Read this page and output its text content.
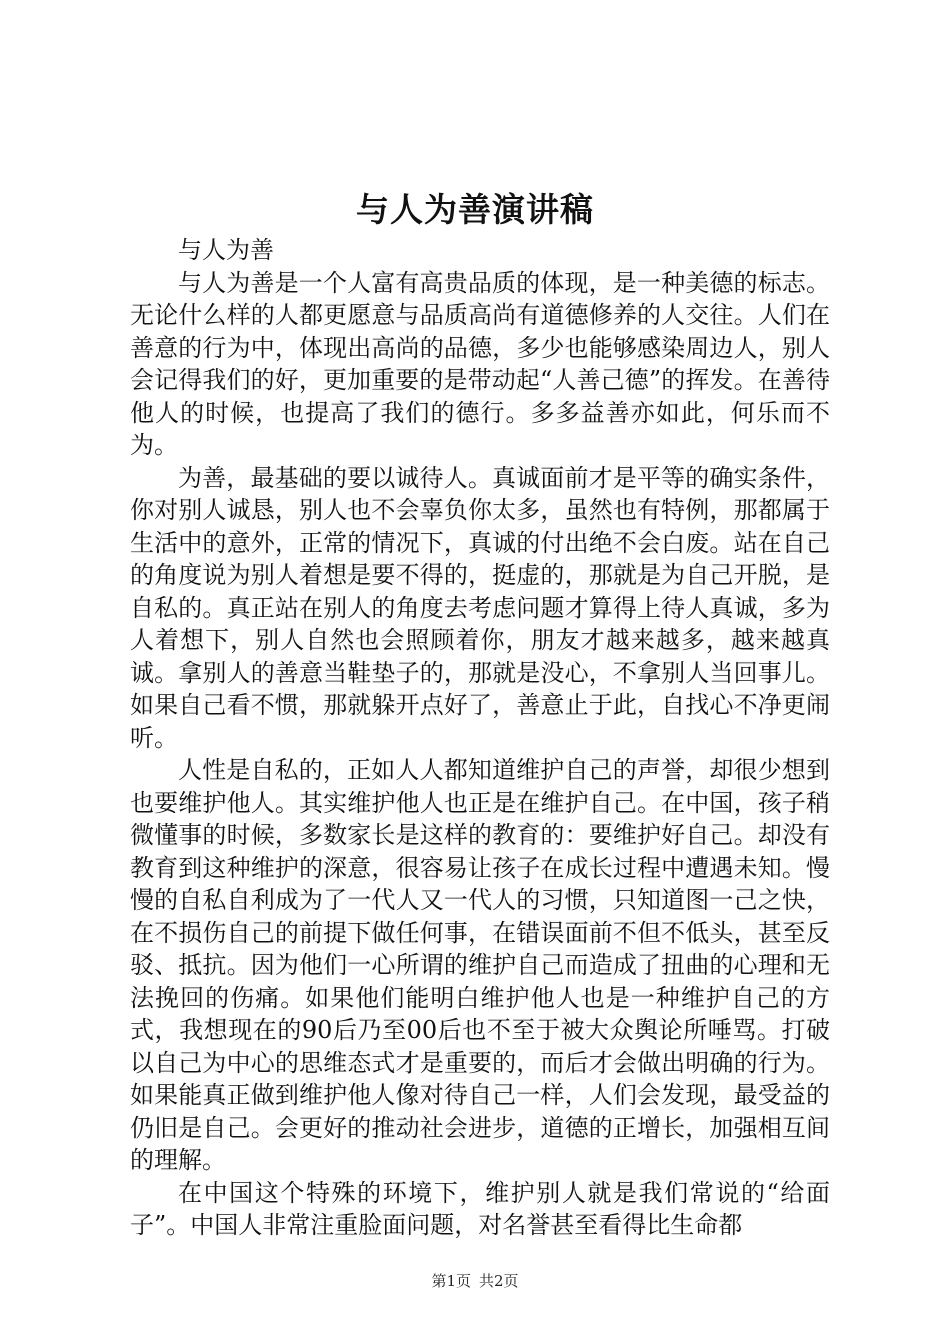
与人为善演讲稿

与人为善

与人为善是一个人富有高贵品质的体现，是一种美德的标志。无论什么样的人都更愿意与品质高尚有道德修养的人交往。人们在善意的行为中，体现出高尚的品德，多少也能够感染周边人，别人会记得我们的好，更加重要的是带动起“人善己德”的挥发。在善待他人的时候，也提高了我们的德行。多多益善亦如此，何乐而不为。

为善，最基础的要以诚待人。真诚面前才是平等的确实条件，你对别人诚恳，别人也不会辜负你太多，虽然也有特例，那都属于生活中的意外，正常的情况下，真诚的付出绝不会白废。站在自己的角度说为别人着想是要不得的，挺虚的，那就是为自己开脱，是自私的。真正站在别人的角度去考虑问题才算得上待人真诚，多为人着想下，别人自然也会照顾着你，朋友才越来越多，越来越真诚。拿别人的善意当鞋垫子的，那就是没心，不拿别人当回事儿。如果自己看不惯，那就躲开点好了，善意止于此，自找心不净更闹听。

人性是自私的，正如人人都知道维护自己的声誉，却很少想到也要维护他人。其实维护他人也正是在维护自己。在中国，孩子稍微懂事的时候，多数家长是这样的教育的：要维护好自己。却没有教育到这种维护的深意，很容易让孩子在成长过程中遭遇未知。慢慢的自私自利成为了一代人又一代人的习惯，只知道图一己之快，在不损伤自己的前提下做任何事，在错误面前不但不低头，甚至反驳、抵抗。因为他们一心所谓的维护自己而造成了扭曲的心理和无法挽回的伤痛。如果他们能明白维护他人也是一种维护自己的方式，我想现在的90后乃至00后也不至于被大众舆论所唾骂。打破以自己为中心的思维态式才是重要的，而后才会做出明确的行为。如果能真正做到维护他人像对待自己一样，人们会发现，最受益的仍旧是自己。会更好的推动社会进步，道德的正增长，加强相互间的理解。

在中国这个特殊的环境下，维护别人就是我们常说的“给面子”。中国人非常注重脸面问题，对名誉甚至看得比生命都

第1页 共2页
